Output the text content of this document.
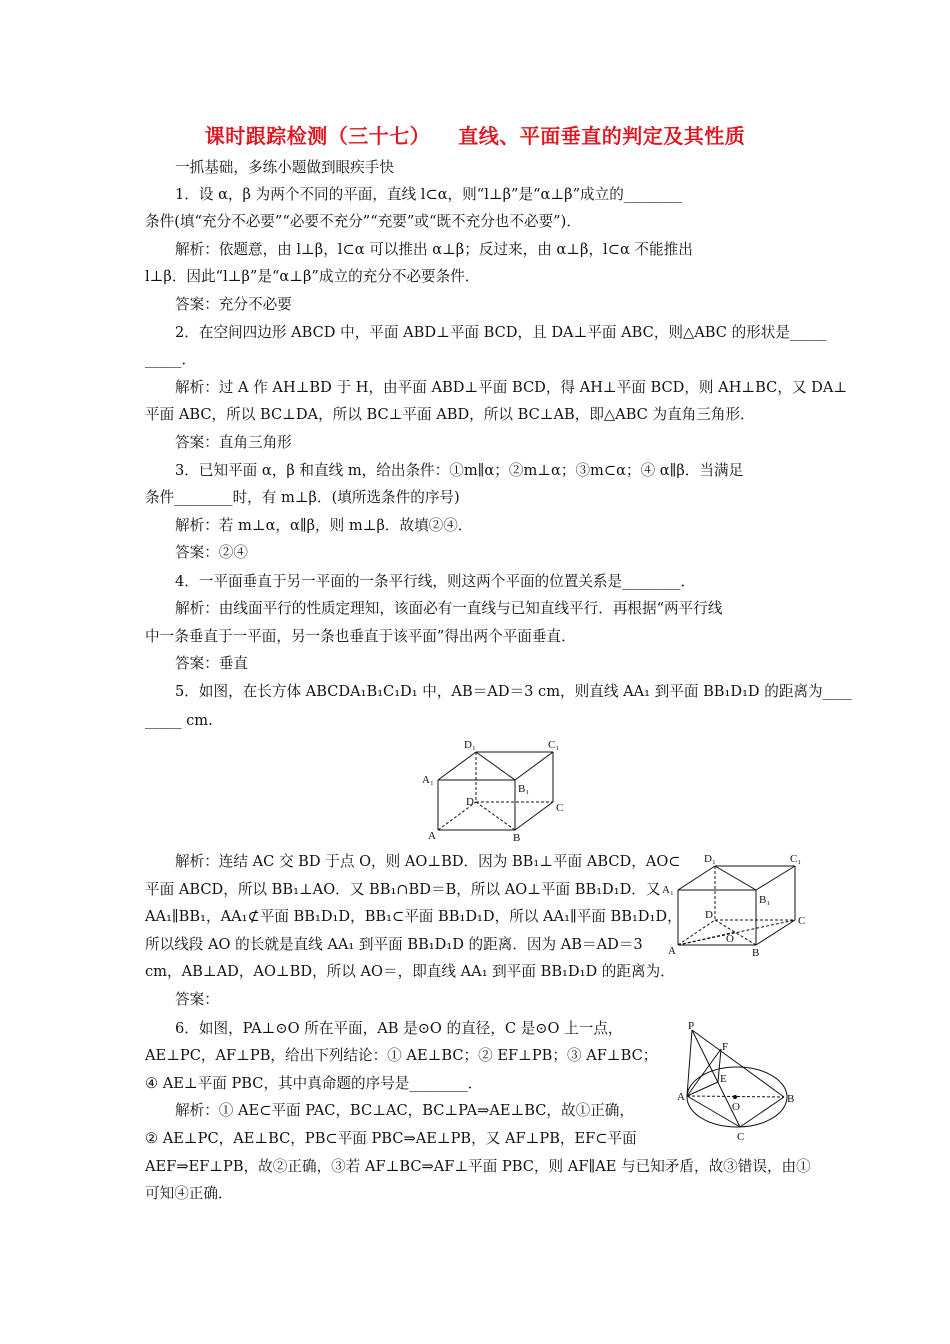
课时跟踪检测（三十七） 直线、平面垂直的判定及其性质
一抓基础，多练小题做到眼疾手快
1．设 α，β 为两个不同的平面，直线 l⊂α，则“l⊥β”是“α⊥β”成立的________
条件(填“充分不必要”“必要不充分”“充要”或“既不充分也不必要”)．
解析：依题意，由 l⊥β，l⊂α 可以推出 α⊥β；反过来，由 α⊥β，l⊂α 不能推出
l⊥β．因此“l⊥β”是“α⊥β”成立的充分不必要条件．
答案：充分不必要
2．在空间四边形 ABCD 中，平面 ABD⊥平面 BCD，且 DA⊥平面 ABC，则△ABC 的形状是_____
_____．
解析：过 A 作 AH⊥BD 于 H，由平面 ABD⊥平面 BCD，得 AH⊥平面 BCD，则 AH⊥BC，又 DA⊥
平面 ABC，所以 BC⊥DA，所以 BC⊥平面 ABD，所以 BC⊥AB，即△ABC 为直角三角形．
答案：直角三角形
3．已知平面 α，β 和直线 m，给出条件：①m∥α；②m⊥α；③m⊂α；④ α∥β．当满足
条件________时，有 m⊥β．(填所选条件的序号)
解析：若 m⊥α，α∥β，则 m⊥β．故填②④．
答案：②④
4．一平面垂直于另一平面的一条平行线，则这两个平面的位置关系是________．
解析：由线面平行的性质定理知，该面必有一直线与已知直线平行．再根据“两平行线
中一条垂直于一平面，另一条也垂直于该平面”得出两个平面垂直．
答案：垂直
5．如图，在长方体 ABCDA₁B₁C₁D₁ 中，AB＝AD＝3 cm，则直线 AA₁ 到平面 BB₁D₁D 的距离为____
_____ cm.
D₁	C₁
A₁
B₁
D	C
A	B
解析：连结 AC 交 BD 于点 O，则 AO⊥BD．因为 BB₁⊥平面 ABCD，AO⊂
平面 ABCD，所以 BB₁⊥AO．又 BB₁∩BD＝B，所以 AO⊥平面 BB₁D₁D．又
AA₁∥BB₁，AA₁⊄平面 BB₁D₁D，BB₁⊂平面 BB₁D₁D，所以 AA₁∥平面 BB₁D₁D，
所以线段 AO 的长就是直线 AA₁ 到平面 BB₁D₁D 的距离．因为 AB＝AD＝3
cm，AB⊥AD，AO⊥BD，所以 AO＝，即直线 AA₁ 到平面 BB₁D₁D 的距离为．
答案：
D₁	C₁
A₁
B₁
D	C
O
A	B
6．如图，PA⊥⊙O 所在平面，AB 是⊙O 的直径，C 是⊙O 上一点，
AE⊥PC，AF⊥PB，给出下列结论：① AE⊥BC；② EF⊥PB；③ AF⊥BC；
④ AE⊥平面 PBC，其中真命题的序号是________．
解析：① AE⊂平面 PAC，BC⊥AC，BC⊥PA⇒AE⊥BC，故①正确，
② AE⊥PC，AE⊥BC，PB⊂平面 PBC⇒AE⊥PB，又 AF⊥PB，EF⊂平面
AEF⇒EF⊥PB，故②正确，③若 AF⊥BC⇒AF⊥平面 PBC，则 AF∥AE 与已知矛盾，故③错误，由①
可知④正确．
P
F
E
A
O
B
C
